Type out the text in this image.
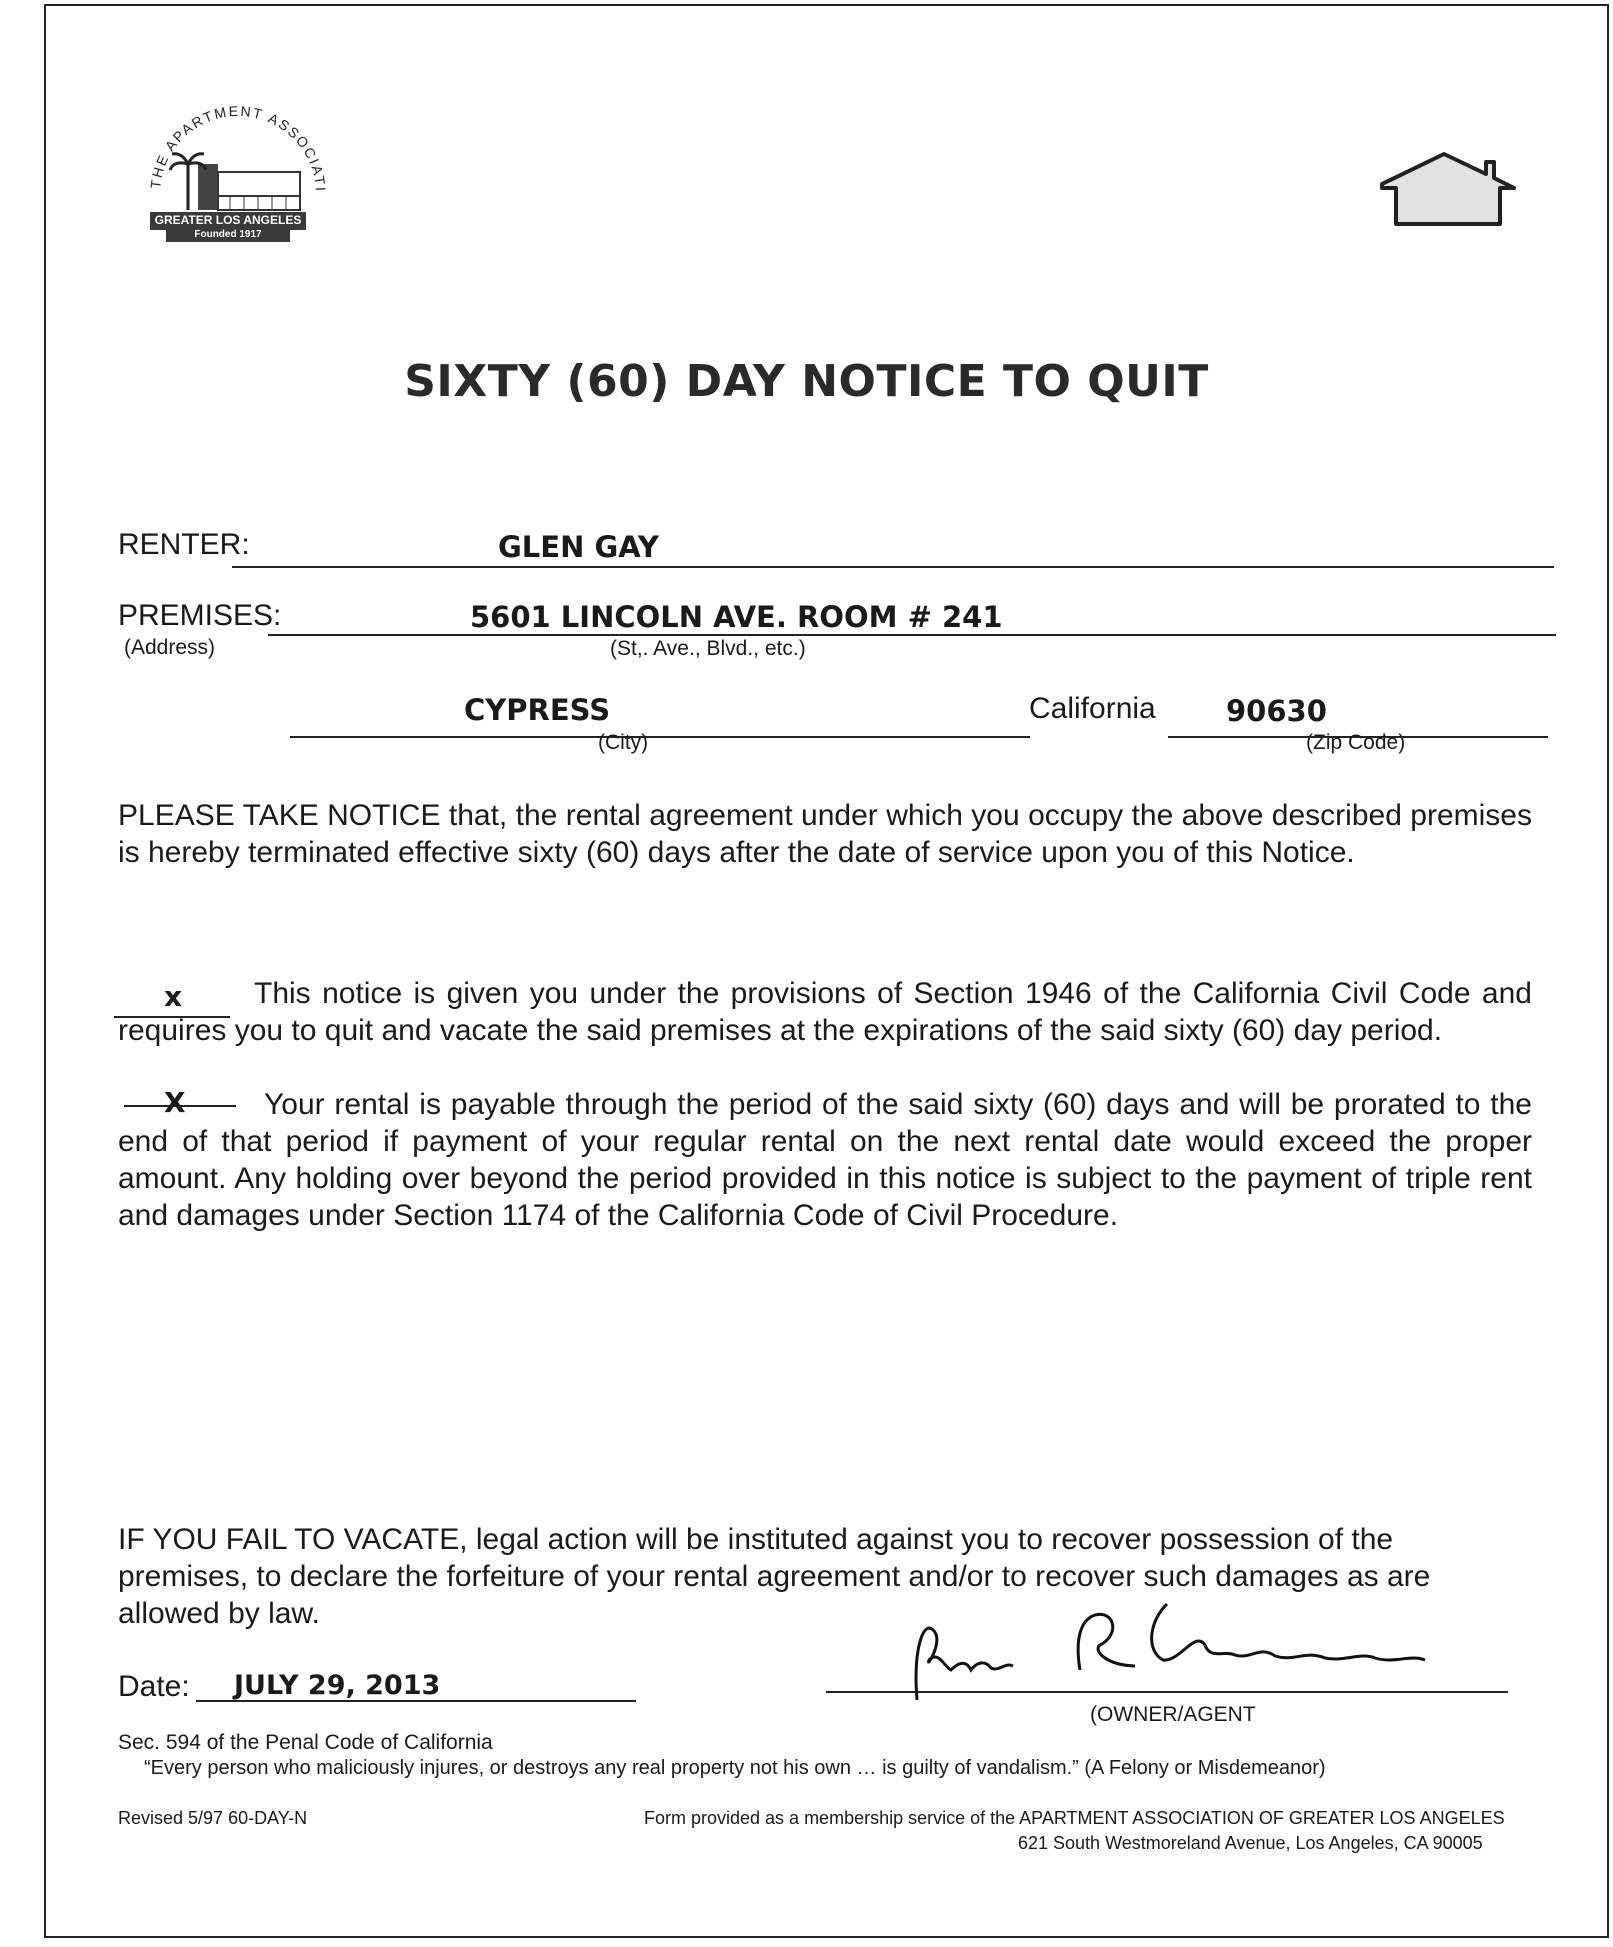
THE APARTMENT ASSOCIATI
GREATER LOS ANGELES
Founded 1917
SIXTY (60) DAY NOTICE TO QUIT
RENTER:	GLEN GAY
PREMISES:
(Address)
5601 LINCOLN AVE. ROOM # 241
(St,. Ave., Blvd., etc.)
CYPRESS
(City)
California 90630
(Zip Code)
PLEASE TAKE NOTICE that, the rental agreement under which you occupy the above described premises is hereby terminated effective sixty (60) days after the date of service upon you of this Notice.
x	This notice is given you under the provisions of Section 1946 of the California Civil Code and requires you to quit and vacate the said premises at the expirations of the said sixty (60) day period.
X	Your rental is payable through the period of the said sixty (60) days and will be prorated to the end of that period if payment of your regular rental on the next rental date would exceed the proper amount. Any holding over beyond the period provided in this notice is subject to the payment of triple rent and damages under Section 1174 of the California Code of Civil Procedure.
IF YOU FAIL TO VACATE, legal action will be instituted against you to recover possession of the premises, to declare the forfeiture of your rental agreement and/or to recover such damages as are allowed by law.
Date: JULY 29, 2013
(OWNER/AGENT
Sec. 594 of the Penal Code of California
“Every person who maliciously injures, or destroys any real property not his own … is guilty of vandalism.” (A Felony or Misdemeanor)
Revised 5/97 60-DAY-N	Form provided as a membership service of the APARTMENT ASSOCIATION OF GREATER LOS ANGELES
621 South Westmoreland Avenue, Los Angeles, CA 90005
